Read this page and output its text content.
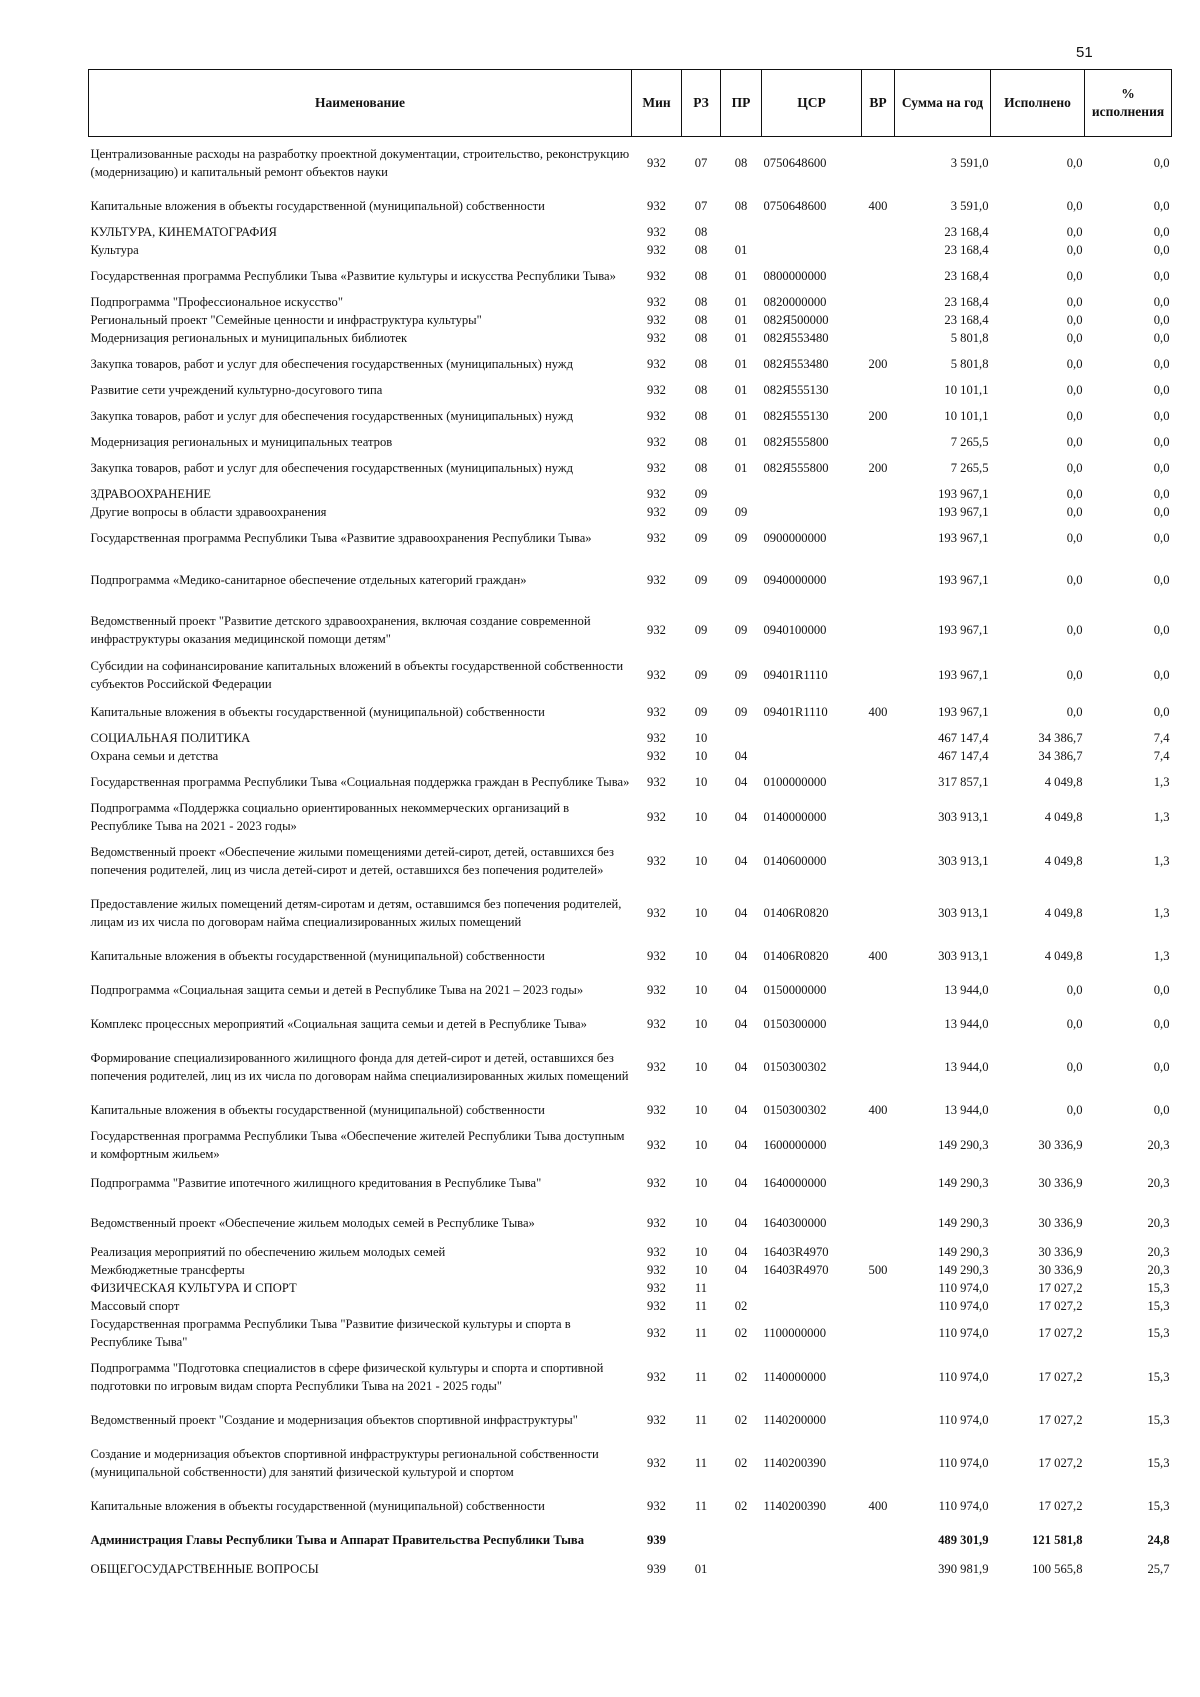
51
Наименование	Мин	РЗ	ПР	ЦСР	ВР	Сумма на год	Исполнено	% исполнения
Централизованные расходы на разработку проектной документации, строительство, реконструкцию (модернизацию) и капитальный ремонт объектов науки	932	07	08	0750648600		3 591,0	0,0	0,0
Капитальные вложения в объекты государственной (муниципальной) собственности	932	07	08	0750648600	400	3 591,0	0,0	0,0
КУЛЬТУРА, КИНЕМАТОГРАФИЯ	932	08				23 168,4	0,0	0,0
Культура	932	08	01			23 168,4	0,0	0,0
Государственная программа Республики Тыва «Развитие культуры и искусства Республики Тыва»	932	08	01	0800000000		23 168,4	0,0	0,0
Подпрограмма "Профессиональное искусство"	932	08	01	0820000000		23 168,4	0,0	0,0
Региональный проект "Семейные ценности и инфраструктура культуры"	932	08	01	082Я500000		23 168,4	0,0	0,0
Модернизация региональных и муниципальных библиотек	932	08	01	082Я553480		5 801,8	0,0	0,0
Закупка товаров, работ и услуг для обеспечения государственных (муниципальных) нужд	932	08	01	082Я553480	200	5 801,8	0,0	0,0
Развитие сети учреждений культурно-досугового типа	932	08	01	082Я555130		10 101,1	0,0	0,0
Закупка товаров, работ и услуг для обеспечения государственных (муниципальных) нужд	932	08	01	082Я555130	200	10 101,1	0,0	0,0
Модернизация региональных и муниципальных театров	932	08	01	082Я555800		7 265,5	0,0	0,0
Закупка товаров, работ и услуг для обеспечения государственных (муниципальных) нужд	932	08	01	082Я555800	200	7 265,5	0,0	0,0
ЗДРАВООХРАНЕНИЕ	932	09				193 967,1	0,0	0,0
Другие вопросы в области здравоохранения	932	09	09			193 967,1	0,0	0,0
Государственная программа Республики Тыва «Развитие здравоохранения Республики Тыва»	932	09	09	0900000000		193 967,1	0,0	0,0
Подпрограмма «Медико-санитарное обеспечение отдельных категорий граждан»	932	09	09	0940000000		193 967,1	0,0	0,0
Ведомственный проект "Развитие детского здравоохранения, включая создание современной инфраструктуры оказания медицинской помощи детям"	932	09	09	0940100000		193 967,1	0,0	0,0
Субсидии на софинансирование капитальных вложений в объекты государственной собственности субъектов Российской Федерации	932	09	09	09401R1110		193 967,1	0,0	0,0
Капитальные вложения в объекты государственной (муниципальной) собственности	932	09	09	09401R1110	400	193 967,1	0,0	0,0
СОЦИАЛЬНАЯ ПОЛИТИКА	932	10				467 147,4	34 386,7	7,4
Охрана семьи и детства	932	10	04			467 147,4	34 386,7	7,4
Государственная программа Республики Тыва «Социальная поддержка граждан в Республике Тыва»	932	10	04	0100000000		317 857,1	4 049,8	1,3
Подпрограмма «Поддержка социально ориентированных некоммерческих организаций в Республике Тыва на 2021 - 2023 годы»	932	10	04	0140000000		303 913,1	4 049,8	1,3
Ведомственный проект «Обеспечение жилыми помещениями детей-сирот, детей, оставшихся без попечения родителей, лиц из числа детей-сирот и детей, оставшихся без попечения родителей»	932	10	04	0140600000		303 913,1	4 049,8	1,3
Предоставление жилых помещений детям-сиротам и детям, оставшимся без попечения родителей, лицам из их числа по договорам найма специализированных жилых помещений	932	10	04	01406R0820		303 913,1	4 049,8	1,3
Капитальные вложения в объекты государственной (муниципальной) собственности	932	10	04	01406R0820	400	303 913,1	4 049,8	1,3
Подпрограмма «Социальная защита семьи и детей в Республике Тыва на 2021 – 2023 годы»	932	10	04	0150000000		13 944,0	0,0	0,0
Комплекс процессных мероприятий «Социальная защита семьи и детей в Республике Тыва»	932	10	04	0150300000		13 944,0	0,0	0,0
Формирование специализированного жилищного фонда для детей-сирот и детей, оставшихся без попечения родителей, лиц из их числа по договорам найма специализированных жилых помещений	932	10	04	0150300302		13 944,0	0,0	0,0
Капитальные вложения в объекты государственной (муниципальной) собственности	932	10	04	0150300302	400	13 944,0	0,0	0,0
Государственная программа Республики Тыва «Обеспечение жителей Республики Тыва доступным и комфортным жильем»	932	10	04	1600000000		149 290,3	30 336,9	20,3
Подпрограмма "Развитие ипотечного жилищного кредитования в Республике Тыва"	932	10	04	1640000000		149 290,3	30 336,9	20,3
Ведомственный проект «Обеспечение жильем молодых семей в Республике Тыва»	932	10	04	1640300000		149 290,3	30 336,9	20,3
Реализация мероприятий по обеспечению жильем молодых семей	932	10	04	16403R4970		149 290,3	30 336,9	20,3
Межбюджетные трансферты	932	10	04	16403R4970	500	149 290,3	30 336,9	20,3
ФИЗИЧЕСКАЯ КУЛЬТУРА И СПОРТ	932	11				110 974,0	17 027,2	15,3
Массовый спорт	932	11	02			110 974,0	17 027,2	15,3
Государственная программа Республики Тыва "Развитие физической культуры и спорта в Республике Тыва"	932	11	02	1100000000		110 974,0	17 027,2	15,3
Подпрограмма "Подготовка специалистов в сфере физической культуры и спорта и спортивной подготовки по игровым видам спорта Республики Тыва на 2021 - 2025 годы"	932	11	02	1140000000		110 974,0	17 027,2	15,3
Ведомственный проект "Создание и модернизация объектов спортивной инфраструктуры"	932	11	02	1140200000		110 974,0	17 027,2	15,3
Создание и модернизация объектов спортивной инфраструктуры региональной собственности (муниципальной собственности) для занятий физической культурой и спортом	932	11	02	1140200390		110 974,0	17 027,2	15,3
Капитальные вложения в объекты государственной (муниципальной) собственности	932	11	02	1140200390	400	110 974,0	17 027,2	15,3
Администрация Главы Республики Тыва и Аппарат Правительства Республики Тыва	939					489 301,9	121 581,8	24,8
ОБЩЕГОСУДАРСТВЕННЫЕ ВОПРОСЫ	939	01				390 981,9	100 565,8	25,7
